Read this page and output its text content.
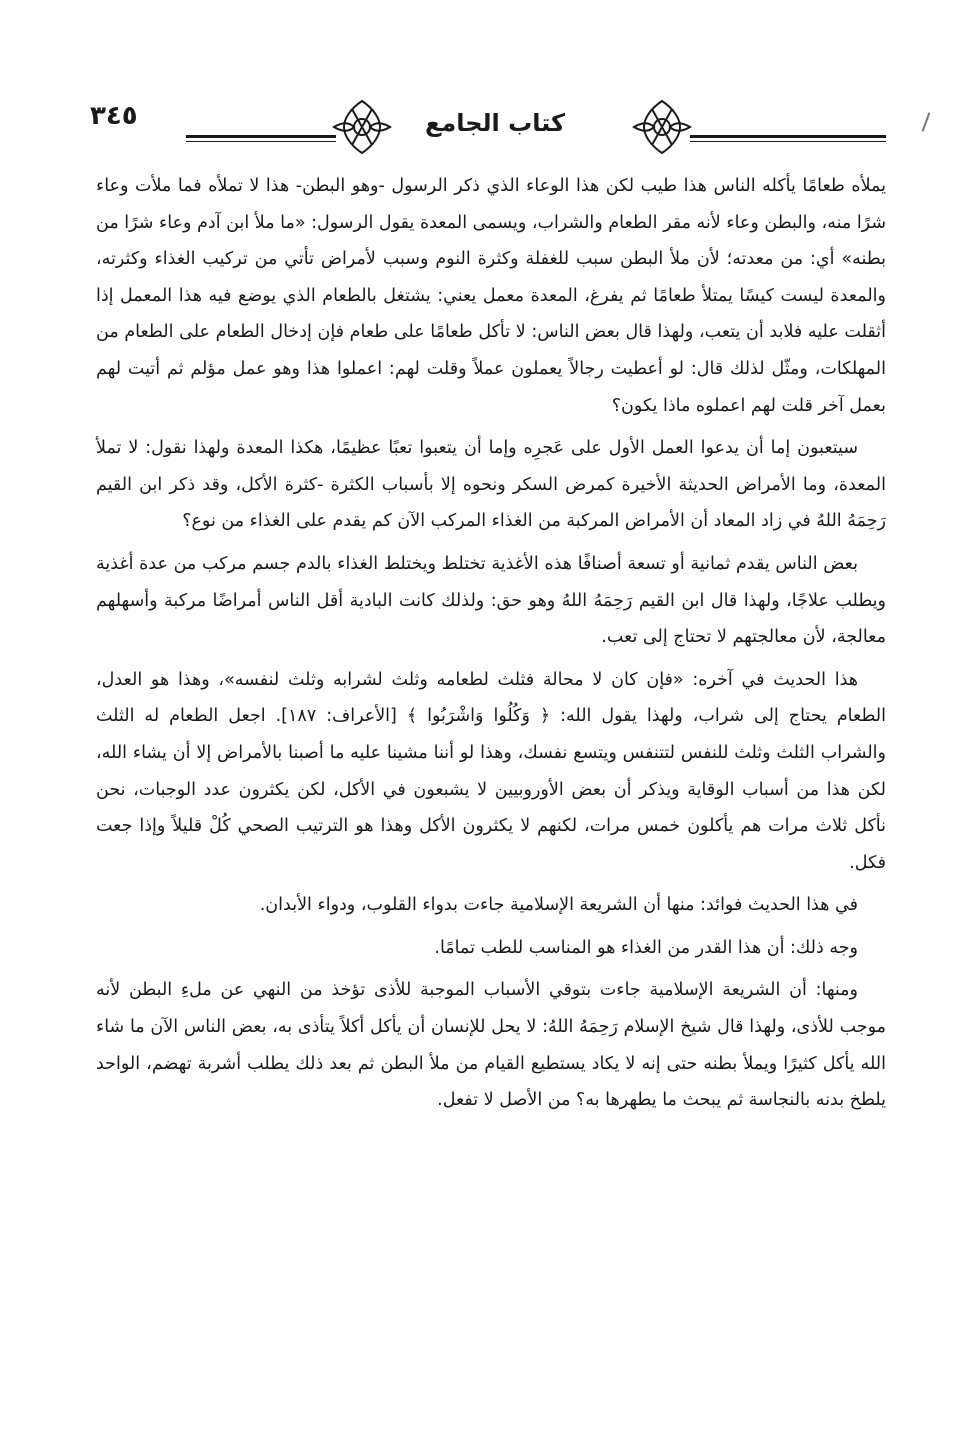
٣٤٥	كتاب الجامع

يملأه طعامًا يأكله الناس هذا طيب لكن هذا الوعاء الذي ذكر الرسول -وهو البطن- هذا لا تملأه فما ملأت وعاء شرًا منه، والبطن وعاء لأنه مقر الطعام والشراب، ويسمى المعدة يقول الرسول: «ما ملأ ابن آدم وعاء شرًا من بطنه» أي: من معدته؛ لأن ملأ البطن سبب للغفلة وكثرة النوم وسبب لأمراض تأتي من تركيب الغذاء وكثرته، والمعدة ليست كيسًا يمتلأ طعامًا ثم يفرغ، المعدة معمل يعني: يشتغل بالطعام الذي يوضع فيه هذا المعمل إذا أثقلت عليه فلابد أن يتعب، ولهذا قال بعض الناس: لا تأكل طعامًا على طعام فإن إدخال الطعام على الطعام من المهلكات، ومثّل لذلك قال: لو أعطيت رجالاً يعملون عملاً وقلت لهم: اعملوا هذا وهو عمل مؤلم ثم أتيت لهم بعمل آخر قلت لهم اعملوه ماذا يكون؟

سيتعبون إما أن يدعوا العمل الأول على عَجرِه وإما أن يتعبوا تعبًا عظيمًا، هكذا المعدة ولهذا نقول: لا تملأ المعدة، وما الأمراض الحديثة الأخيرة كمرض السكر ونحوه إلا بأسباب الكثرة -كثرة الأكل، وقد ذكر ابن القيم رَحِمَهُ اللهُ في زاد المعاد أن الأمراض المركبة من الغذاء المركب الآن كم يقدم على الغذاء من نوع؟

بعض الناس يقدم ثمانية أو تسعة أصنافًا هذه الأغذية تختلط ويختلط الغذاء بالدم جسم مركب من عدة أغذية ويطلب علاجًا، ولهذا قال ابن القيم رَحِمَهُ اللهُ وهو حق: ولذلك كانت البادية أقل الناس أمراضًا مركبة وأسهلهم معالجة، لأن معالجتهم لا تحتاج إلى تعب.

هذا الحديث في آخره: «فإن كان لا محالة فثلث لطعامه وثلث لشرابه وثلث لنفسه»، وهذا هو العدل، الطعام يحتاج إلى شراب، ولهذا يقول الله: ﴿ وَكُلُوا وَاشْرَبُوا ﴾ [الأعراف: ١٨٧]. اجعل الطعام له الثلث والشراب الثلث وثلث للنفس لتتنفس ويتسع نفسك، وهذا لو أننا مشينا عليه ما أصبنا بالأمراض إلا أن يشاء الله، لكن هذا من أسباب الوقاية ويذكر أن بعض الأوروبيين لا يشبعون في الأكل، لكن يكثرون عدد الوجبات، نحن نأكل ثلاث مرات هم يأكلون خمس مرات، لكنهم لا يكثرون الأكل وهذا هو الترتيب الصحي كُلْ قليلاً وإذا جعت فكل.

في هذا الحديث فوائد: منها أن الشريعة الإسلامية جاءت بدواء القلوب، ودواء الأبدان.

وجه ذلك: أن هذا القدر من الغذاء هو المناسب للطب تمامًا.

ومنها: أن الشريعة الإسلامية جاءت بتوقي الأسباب الموجبة للأذى تؤخذ من النهي عن ملءِ البطن لأنه موجب للأذى، ولهذا قال شيخ الإسلام رَحِمَهُ اللهُ: لا يحل للإنسان أن يأكل أكلاً يتأذى به، بعض الناس الآن ما شاء الله يأكل كثيرًا ويملأ بطنه حتى إنه لا يكاد يستطيع القيام من ملأ البطن ثم بعد ذلك يطلب أشربة تهضم، الواحد يلطخ بدنه بالنجاسة ثم يبحث ما يطهرها به؟ من الأصل لا تفعل.
